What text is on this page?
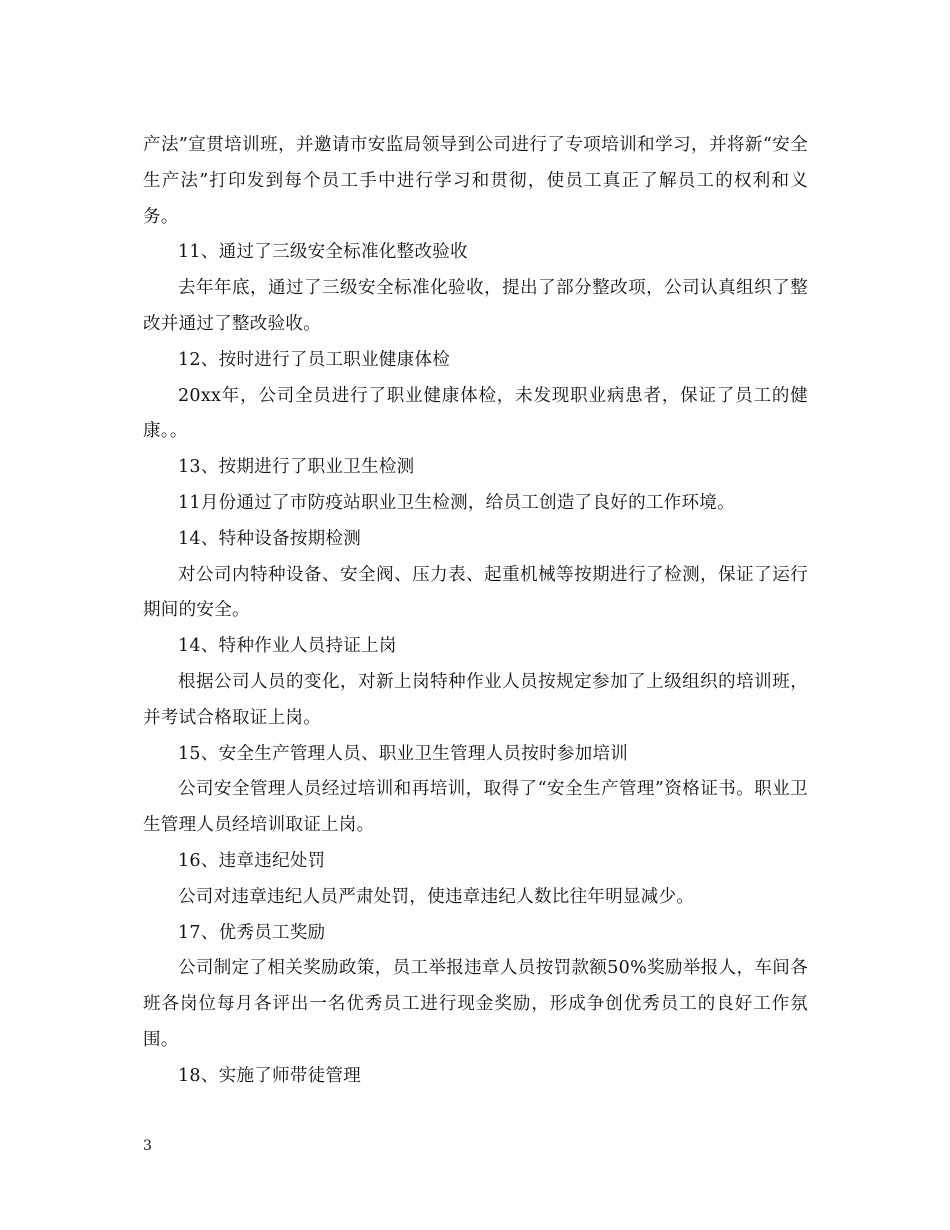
产法”宣贯培训班，并邀请市安监局领导到公司进行了专项培训和学习，并将新“安全生产法”打印发到每个员工手中进行学习和贯彻，使员工真正了解员工的权利和义务。

11、通过了三级安全标准化整改验收

去年年底，通过了三级安全标准化验收，提出了部分整改项，公司认真组织了整改并通过了整改验收。

12、按时进行了员工职业健康体检

20xx年，公司全员进行了职业健康体检，未发现职业病患者，保证了员工的健康。。

13、按期进行了职业卫生检测

11月份通过了市防疫站职业卫生检测，给员工创造了良好的工作环境。

14、特种设备按期检测

对公司内特种设备、安全阀、压力表、起重机械等按期进行了检测，保证了运行期间的安全。

14、特种作业人员持证上岗

根据公司人员的变化，对新上岗特种作业人员按规定参加了上级组织的培训班，并考试合格取证上岗。

15、安全生产管理人员、职业卫生管理人员按时参加培训

公司安全管理人员经过培训和再培训，取得了“安全生产管理”资格证书。职业卫生管理人员经培训取证上岗。

16、违章违纪处罚

公司对违章违纪人员严肃处罚，使违章违纪人数比往年明显减少。

17、优秀员工奖励

公司制定了相关奖励政策，员工举报违章人员按罚款额50%奖励举报人，车间各班各岗位每月各评出一名优秀员工进行现金奖励，形成争创优秀员工的良好工作氛围。

18、实施了师带徒管理

3
